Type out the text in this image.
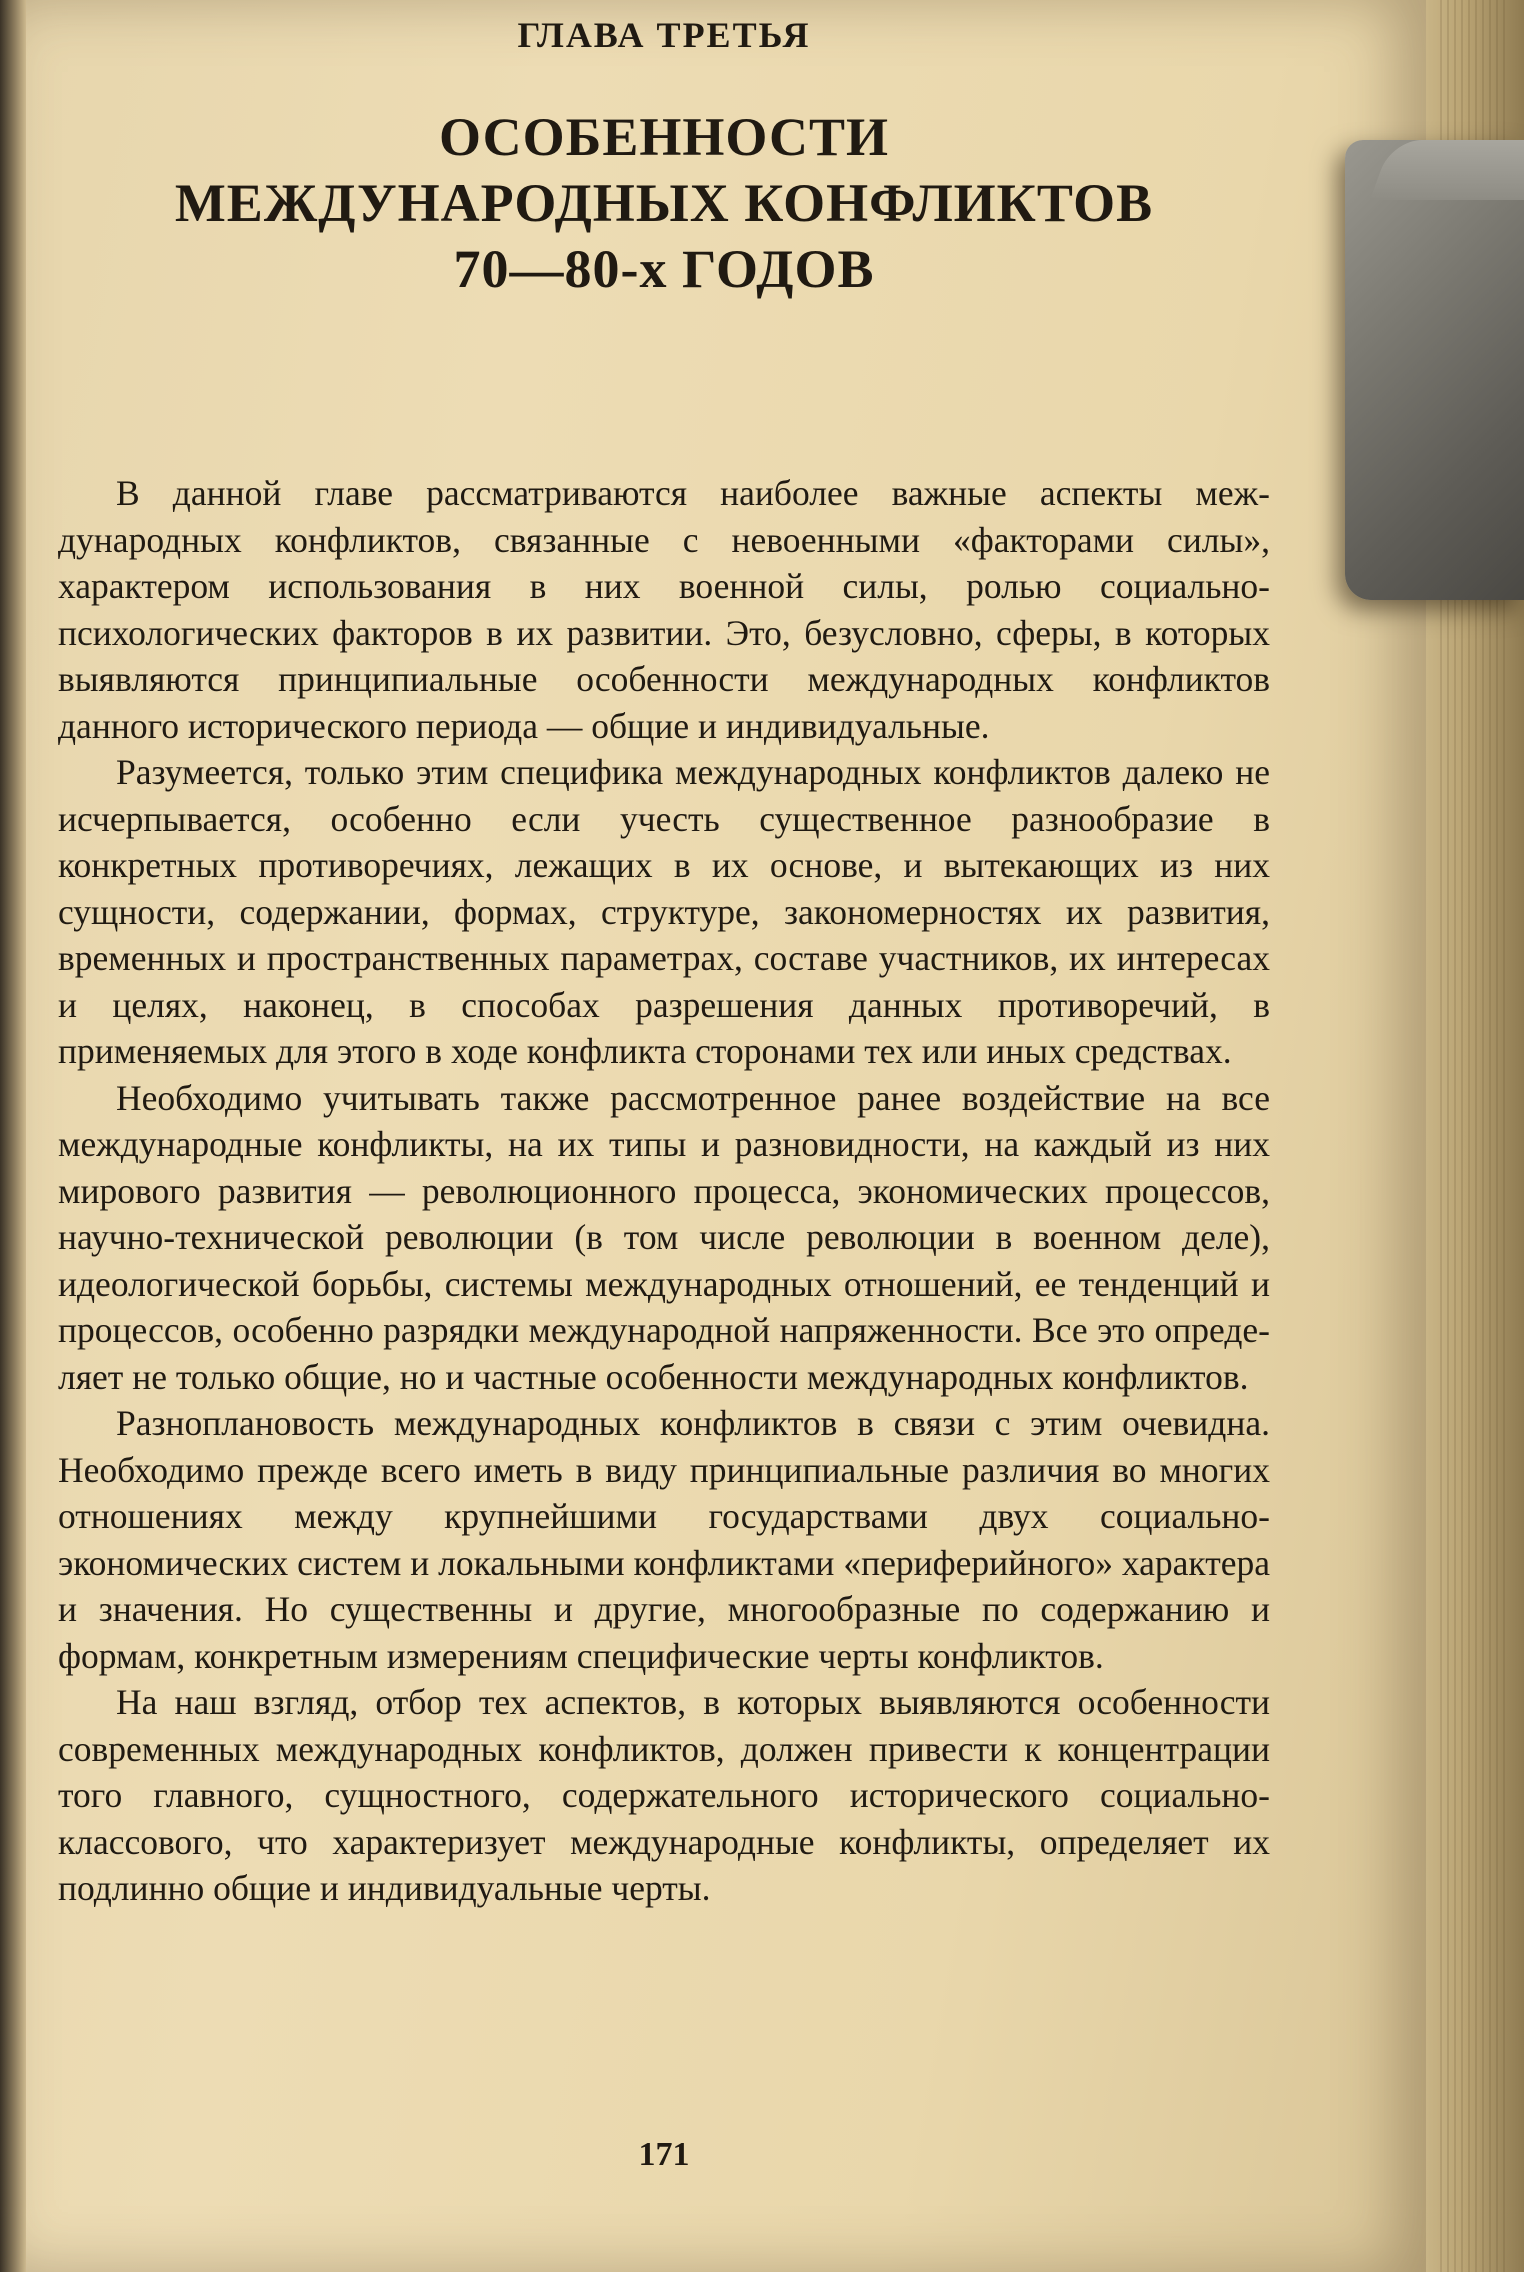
ГЛАВА ТРЕТЬЯ
ОСОБЕННОСТИ
МЕЖДУНАРОДНЫХ КОНФЛИКТОВ
70—80-х ГОДОВ

В данной главе рассматриваются наиболее важные аспекты международных конфликтов, связанные с невоенными «факторами силы», характером использования в них военной силы, ролью социально-психологических факторов в их развитии. Это, безусловно, сферы, в которых выявляются принципиальные особенности международных конфликтов данного исторического периода — общие и индивидуальные.

Разумеется, только этим специфика международных конфликтов далеко не исчерпывается, особенно если учесть существенное разнообразие в конкретных противоречиях, лежащих в их основе, и вытекающих из них сущности, содержании, формах, структуре, закономерностях их развития, временных и пространственных параметрах, составе участников, их интересах и целях, наконец, в способах разрешения данных противоречий, в применяемых для этого в ходе конфликта сторонами тех или иных средствах.

Необходимо учитывать также рассмотренное ранее воздействие на все международные конфликты, на их типы и разновидности, на каждый из них мирового развития — революционного процесса, экономических процессов, научно-технической революции (в том числе революции в военном деле), идеологической борьбы, системы международных отношений, ее тенденций и процессов, особенно разрядки международной напряженности. Все это определяет не только общие, но и частные особенности международных конфликтов.

Разноплановость международных конфликтов в связи с этим очевидна. Необходимо прежде всего иметь в виду принципиальные различия во многих отношениях между крупнейшими государствами двух социально-экономических систем и локальными конфликтами «периферийного» характера и значения. Но существенны и другие, многообразные по содержанию и формам, конкретным измерениям специфические черты конфликтов.

На наш взгляд, отбор тех аспектов, в которых выявляются особенности современных международных конфликтов, должен привести к концентрации того главного, сущностного, содержательного исторического социально-классового, что характеризует международные конфликты, определяет их подлинно общие и индивидуальные черты.

171
